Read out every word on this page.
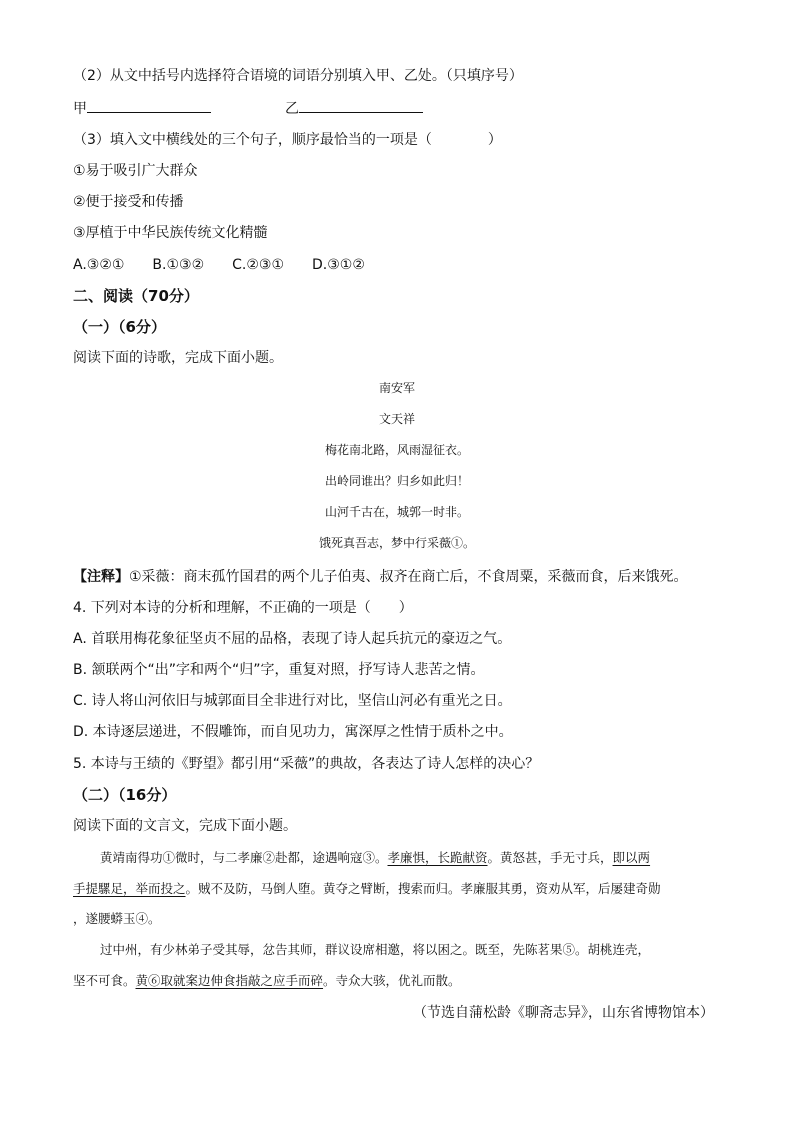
（2）从文中括号内选择符合语境的词语分别填入甲、乙处。（只填序号）
甲	乙
（3）填入文中横线处的三个句子，顺序最恰当的一项是（　　　　）
①易于吸引广大群众
②便于接受和传播
③厚植于中华民族传统文化精髓
A.③②①　　B.①③②　　C.②③①　　D.③①②
二、阅读（70分）
（一）（6分）
阅读下面的诗歌，完成下面小题。
南安军
文天祥
梅花南北路，风雨湿征衣。
出岭同谁出？归乡如此归！
山河千古在，城郭一时非。
饿死真吾志，梦中行采薇①。
【注释】①采薇：商末孤竹国君的两个儿子伯夷、叔齐在商亡后，不食周粟，采薇而食，后来饿死。
4. 下列对本诗的分析和理解，不正确的一项是（　　）
A. 首联用梅花象征坚贞不屈的品格，表现了诗人起兵抗元的豪迈之气。
B. 颔联两个“出”字和两个“归”字，重复对照，抒写诗人悲苦之情。
C. 诗人将山河依旧与城郭面目全非进行对比，坚信山河必有重光之日。
D. 本诗逐层递进，不假雕饰，而自见功力，寓深厚之性情于质朴之中。
5. 本诗与王绩的《野望》都引用“采薇”的典故，各表达了诗人怎样的决心？
（二）（16分）
阅读下面的文言文，完成下面小题。
黄靖南得功①微时，与二孝廉②赴都，途遇响寇③。孝廉惧，长跪献资。黄怒甚，手无寸兵，即以两
手提騾足，举而投之。贼不及防，马倒人堕。黄夺之臂断，搜索而归。孝廉服其勇，资劝从军，后屡建奇勋
，遂腰蟒玉④。
过中州，有少林弟子受其辱，忿告其师，群议设席相邀，将以困之。既至，先陈茗果⑤。胡桃连壳，
坚不可食。黄⑥取就案边伸食指敲之应手而碎。寺众大骇，优礼而散。
（节选自蒲松龄《聊斋志异》，山东省博物馆本）
